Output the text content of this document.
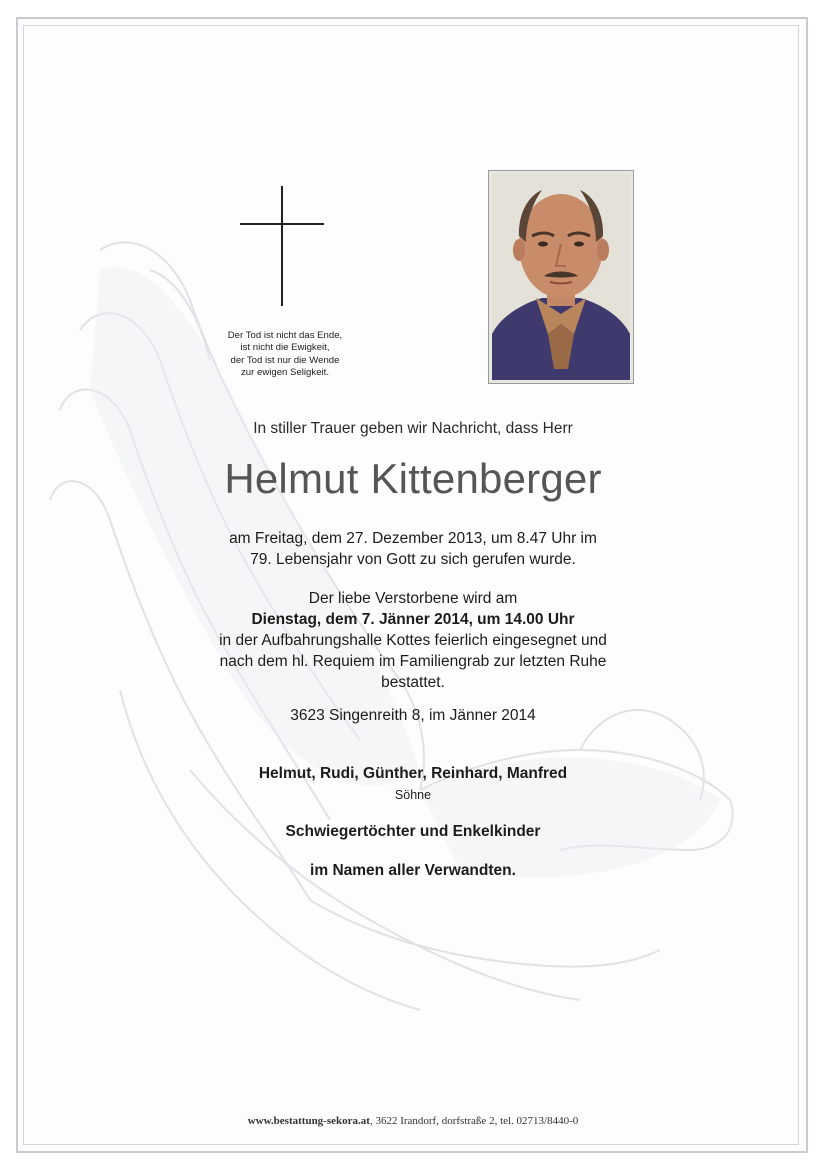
Der Tod ist nicht das Ende,
ist nicht die Ewigkeit,
der Tod ist nur die Wende
zur ewigen Seligkeit.
In stiller Trauer geben wir Nachricht, dass Herr
Helmut Kittenberger
am Freitag, dem 27. Dezember 2013, um 8.47 Uhr im
79. Lebensjahr von Gott zu sich gerufen wurde.
Der liebe Verstorbene wird am
Dienstag, dem 7. Jänner 2014, um 14.00 Uhr
in der Aufbahrungshalle Kottes feierlich eingesegnet und
nach dem hl. Requiem im Familiengrab zur letzten Ruhe
bestattet.
3623 Singenreith 8, im Jänner 2014
Helmut, Rudi, Günther, Reinhard, Manfred
Söhne
Schwiegertöchter und Enkelkinder
im Namen aller Verwandten.
www.bestattung-sekora.at, 3622 Irandorf, dorfstraße 2, tel. 02713/8440-0
